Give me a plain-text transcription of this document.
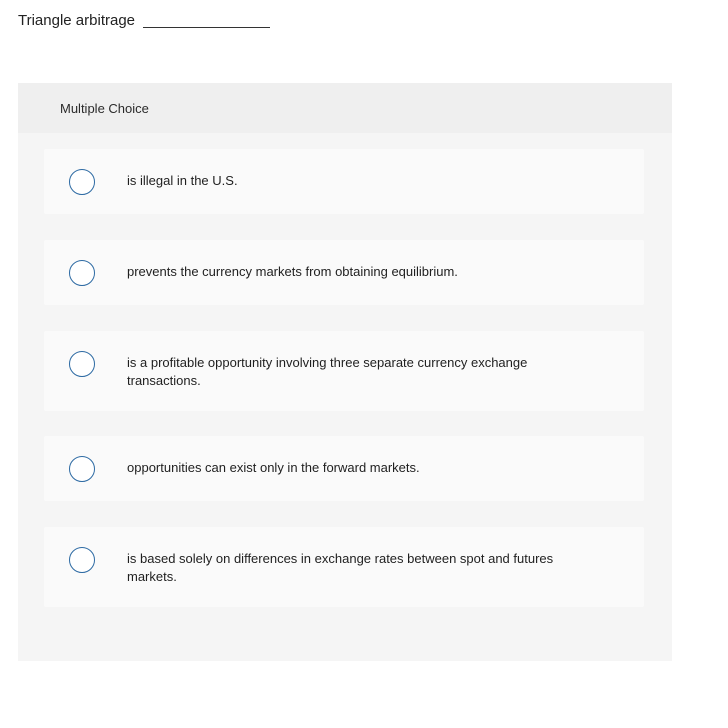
Triangle arbitrage
Multiple Choice
is illegal in the U.S.
prevents the currency markets from obtaining equilibrium.
is a profitable opportunity involving three separate currency exchange transactions.
opportunities can exist only in the forward markets.
is based solely on differences in exchange rates between spot and futures markets.
